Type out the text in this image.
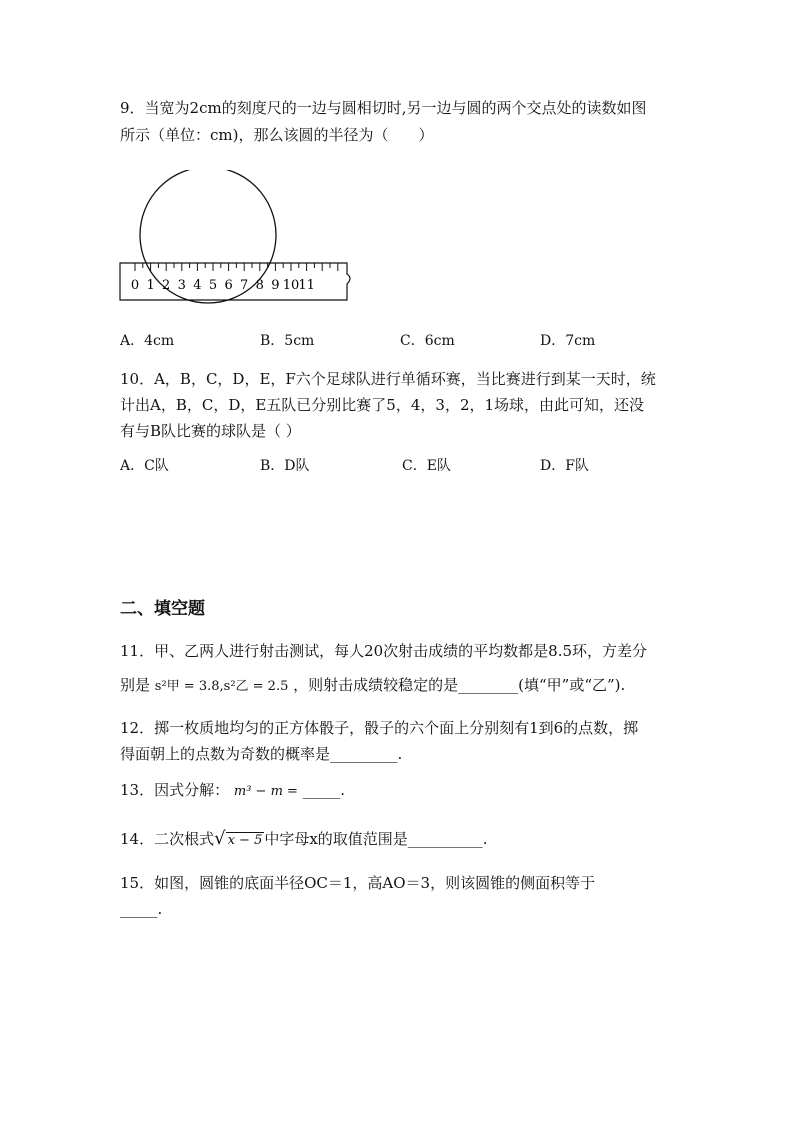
9．当宽为2cm的刻度尺的一边与圆相切时,另一边与圆的两个交点处的读数如图
所示（单位：cm)，那么该圆的半径为（　　）
0 1 2 3 4 5 6 7 8 9 10 11
A．4cm	B．5cm	C．6cm	D．7cm
10．A，B，C，D，E，F六个足球队进行单循环赛，当比赛进行到某一天时，统
计出A，B，C，D，E五队已分别比赛了5，4，3，2，1场球，由此可知，还没
有与B队比赛的球队是（ ）
A．C队	B．D队	C．E队	D．F队
二、填空题
11．甲、乙两人进行射击测试，每人20次射击成绩的平均数都是8.5环，方差分
别是 s²甲 = 3.8,s²乙 = 2.5 ，则射击成绩较稳定的是________(填“甲”或“乙”).
12．掷一枚质地均匀的正方体骰子，骰子的六个面上分别刻有1到6的点数，掷
得面朝上的点数为奇数的概率是_________.
13．因式分解： m³ − m = _____.
14．二次根式√ x − 5 中字母x的取值范围是__________.
15．如图，圆锥的底面半径OC＝1，高AO＝3，则该圆锥的侧面积等于
_____.
